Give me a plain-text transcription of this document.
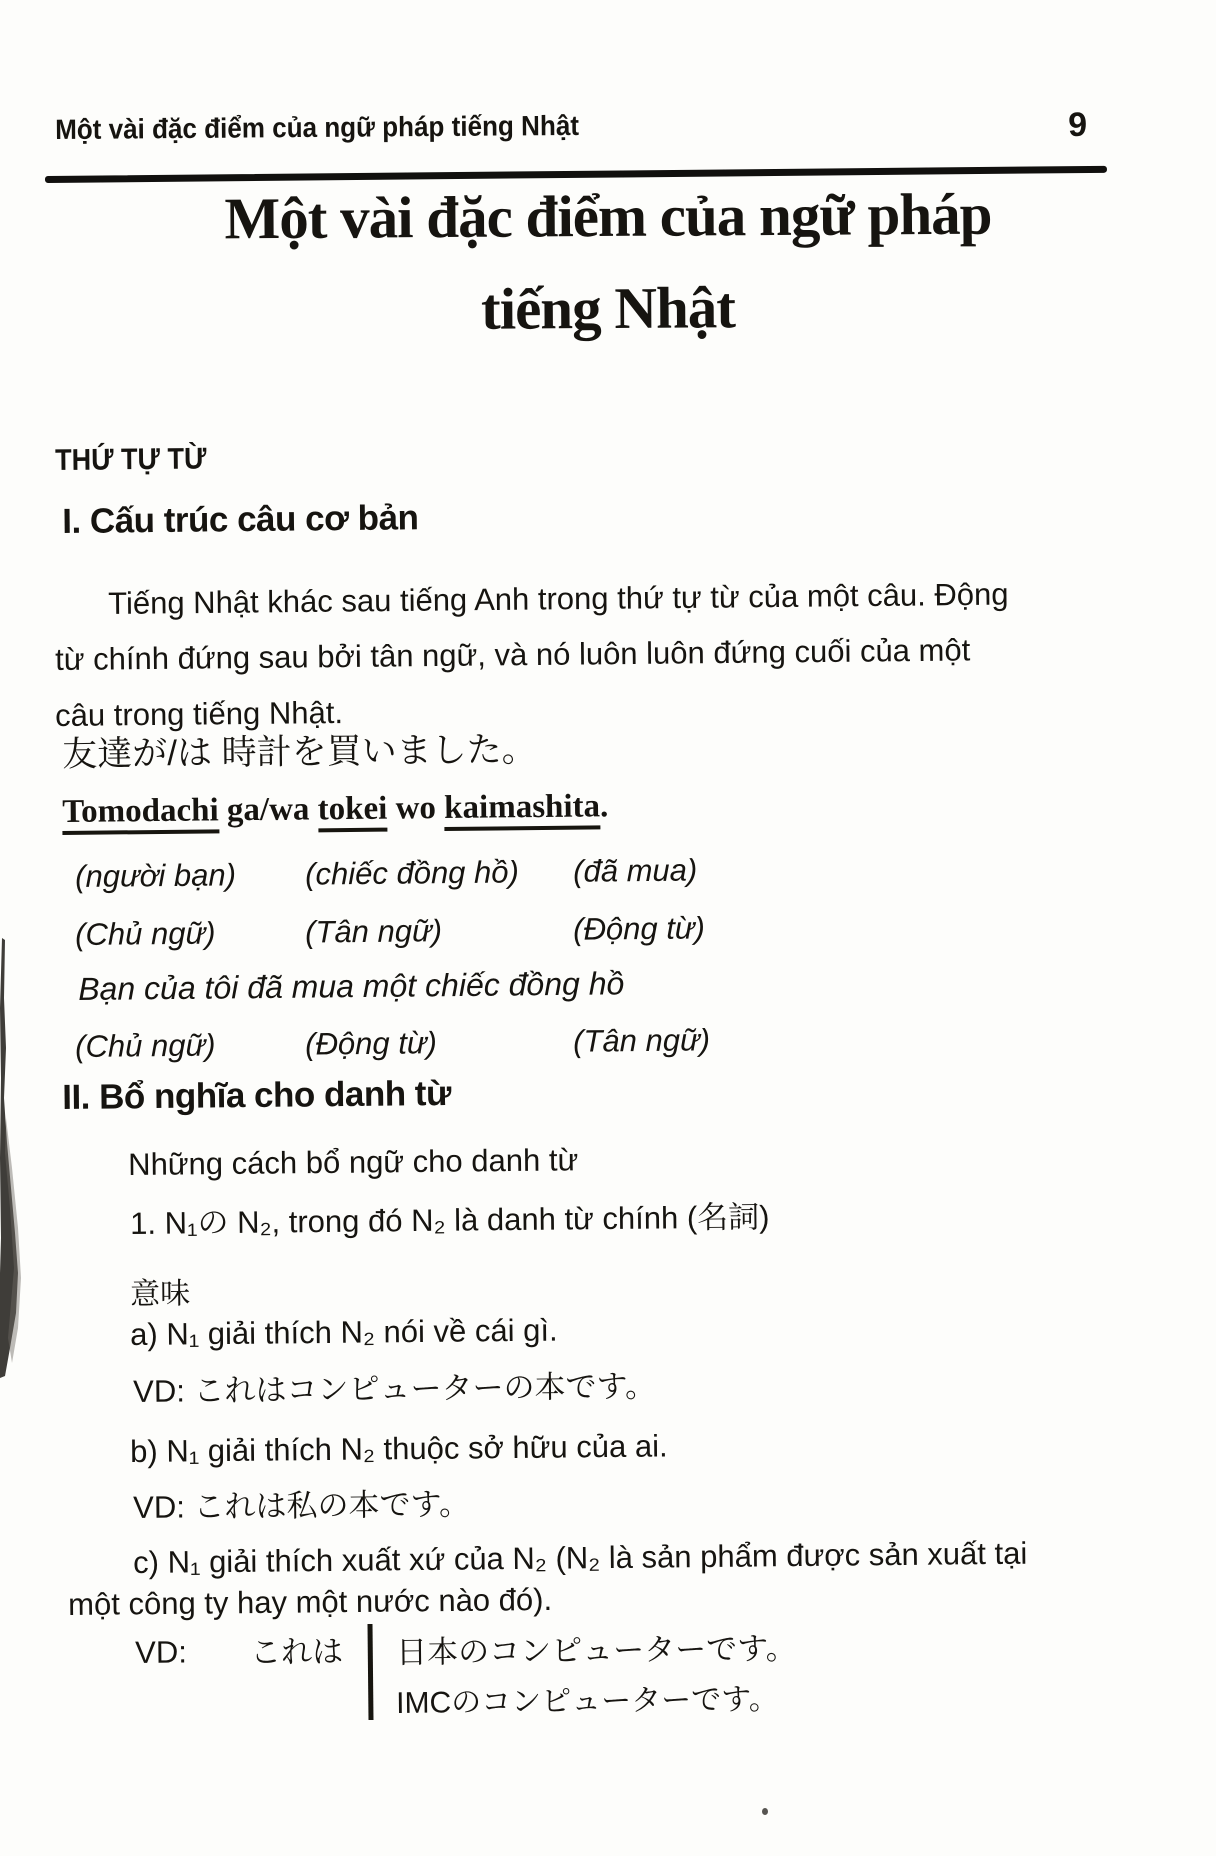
Một vài đặc điểm của ngữ pháp tiếng Nhật	9
Một vài đặc điểm của ngữ pháp
tiếng Nhật
THỨ TỰ TỪ
I. Cấu trúc câu cơ bản
Tiếng Nhật khác sau tiếng Anh trong thứ tự từ của một câu. Động
từ chính đứng sau bởi tân ngữ, và nó luôn luôn đứng cuối của một
câu trong tiếng Nhật.
友達が/は 時計を買いました。
Tomodachi ga/wa tokei wo kaimashita.
(người bạn) (chiếc đồng hồ) (đã mua)
(Chủ ngữ)	(Tân ngữ)	(Động từ)
Bạn của tôi đã mua một chiếc đồng hồ
(Chủ ngữ)	(Động từ)	(Tân ngữ)
II. Bổ nghĩa cho danh từ
Những cách bổ ngữ cho danh từ
1. N₁の N₂, trong đó N₂ là danh từ chính (名詞)
意味
a) N₁ giải thích N₂ nói về cái gì.
VD: これはコンピューターの本です。
b) N₁ giải thích N₂ thuộc sở hữu của ai.
VD: これは私の本です。
c) N₁ giải thích xuất xứ của N₂ (N₂ là sản phẩm được sản xuất tại
một công ty hay một nước nào đó).
VD: これは 日本のコンピューターです。
IMCのコンピューターです。
